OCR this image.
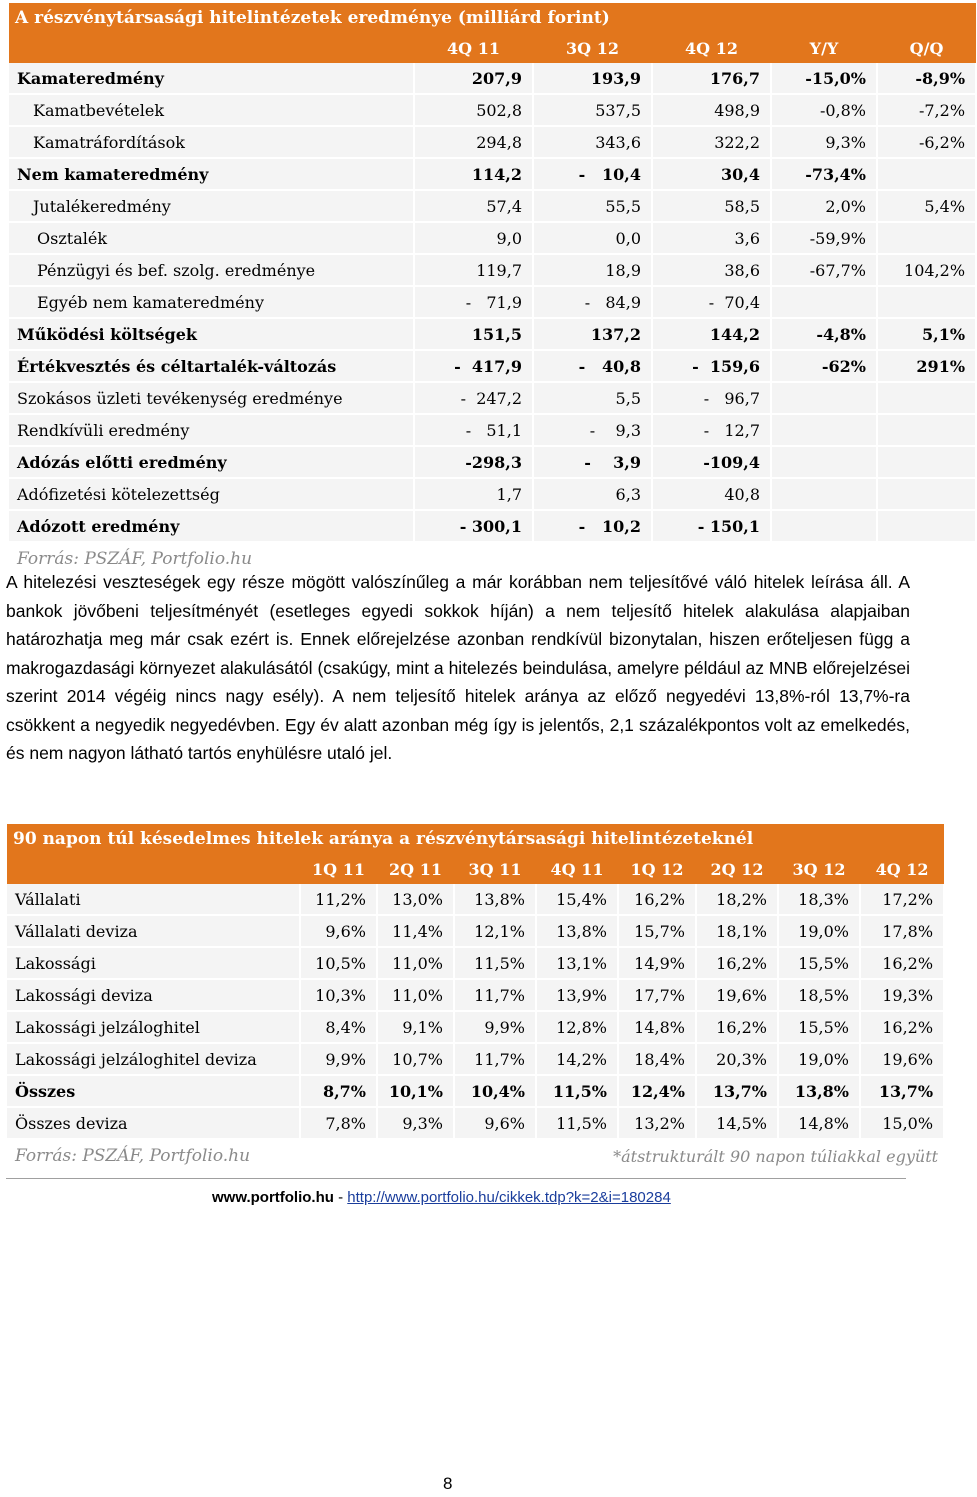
A részvénytársasági hitelintézetek eredménye (milliárd forint)					
	4Q 11	3Q 12	4Q 12	Y/Y	Q/Q
Kamateredmény	207,9	193,9	176,7	-15,0%	-8,9%
Kamatbevételek	502,8	537,5	498,9	-0,8%	-7,2%
Kamatráfordítások	294,8	343,6	322,2	9,3%	-6,2%
Nem kamateredmény	114,2	-   10,4	30,4	-73,4%	
Jutalékeredmény	57,4	55,5	58,5	2,0%	5,4%
Osztalék	9,0	0,0	3,6	-59,9%	
Pénzügyi és bef. szolg. eredménye	119,7	18,9	38,6	-67,7%	104,2%
Egyéb nem kamateredmény	-   71,9	-   84,9	-  70,4		
Működési költségek	151,5	137,2	144,2	-4,8%	5,1%
Értékvesztés és céltartalék-változás	-  417,9	-   40,8	-  159,6	-62%	291%
Szokásos üzleti tevékenység eredménye	-  247,2	5,5	-   96,7		
Rendkívüli eredmény	-   51,1	-    9,3	-   12,7		
Adózás előtti eredmény	-298,3	-    3,9	-109,4		
Adófizetési kötelezettség	1,7	6,3	40,8		
Adózott eredmény	- 300,1	-   10,2	- 150,1		
Forrás: PSZÁF, Portfolio.hu					

A hitelezési veszteségek egy része mögött valószínűleg a már korábban nem teljesítővé váló hitelek leírása áll. A bankok jövőbeni teljesítményét (esetleges egyedi sokkok híján) a nem teljesítő hitelek alakulása alapjaiban határozhatja meg már csak ezért is. Ennek előrejelzése azonban rendkívül bizonytalan, hiszen erőteljesen függ a makrogazdasági környezet alakulásától (csakúgy, mint a hitelezés beindulása, amelyre például az MNB előrejelzései szerint 2014 végéig nincs nagy esély). A nem teljesítő hitelek aránya az előző negyedévi 13,8%-ról 13,7%-ra csökkent a negyedik negyedévben. Egy év alatt azonban még így is jelentős, 2,1 százalékpontos volt az emelkedés, és nem nagyon látható tartós enyhülésre utaló jel.

90 napon túl késedelmes hitelek aránya a részvénytársasági hitelintézeteknél								
	1Q 11	2Q 11	3Q 11	4Q 11	1Q 12	2Q 12	3Q 12	4Q 12
Vállalati	11,2%	13,0%	13,8%	15,4%	16,2%	18,2%	18,3%	17,2%
Vállalati deviza	9,6%	11,4%	12,1%	13,8%	15,7%	18,1%	19,0%	17,8%
Lakossági	10,5%	11,0%	11,5%	13,1%	14,9%	16,2%	15,5%	16,2%
Lakossági deviza	10,3%	11,0%	11,7%	13,9%	17,7%	19,6%	18,5%	19,3%
Lakossági jelzáloghitel	8,4%	9,1%	9,9%	12,8%	14,8%	16,2%	15,5%	16,2%
Lakossági jelzáloghitel deviza	9,9%	10,7%	11,7%	14,2%	18,4%	20,3%	19,0%	19,6%
Összes	8,7%	10,1%	10,4%	11,5%	12,4%	13,7%	13,8%	13,7%
Összes deviza	7,8%	9,3%	9,6%	11,5%	13,2%	14,5%	14,8%	15,0%
Forrás: PSZÁF, Portfolio.hu				*átstrukturált 90 napon túliakkal együtt				
www.portfolio.hu - http://www.portfolio.hu/cikkek.tdp?k=2&i=180284
8
